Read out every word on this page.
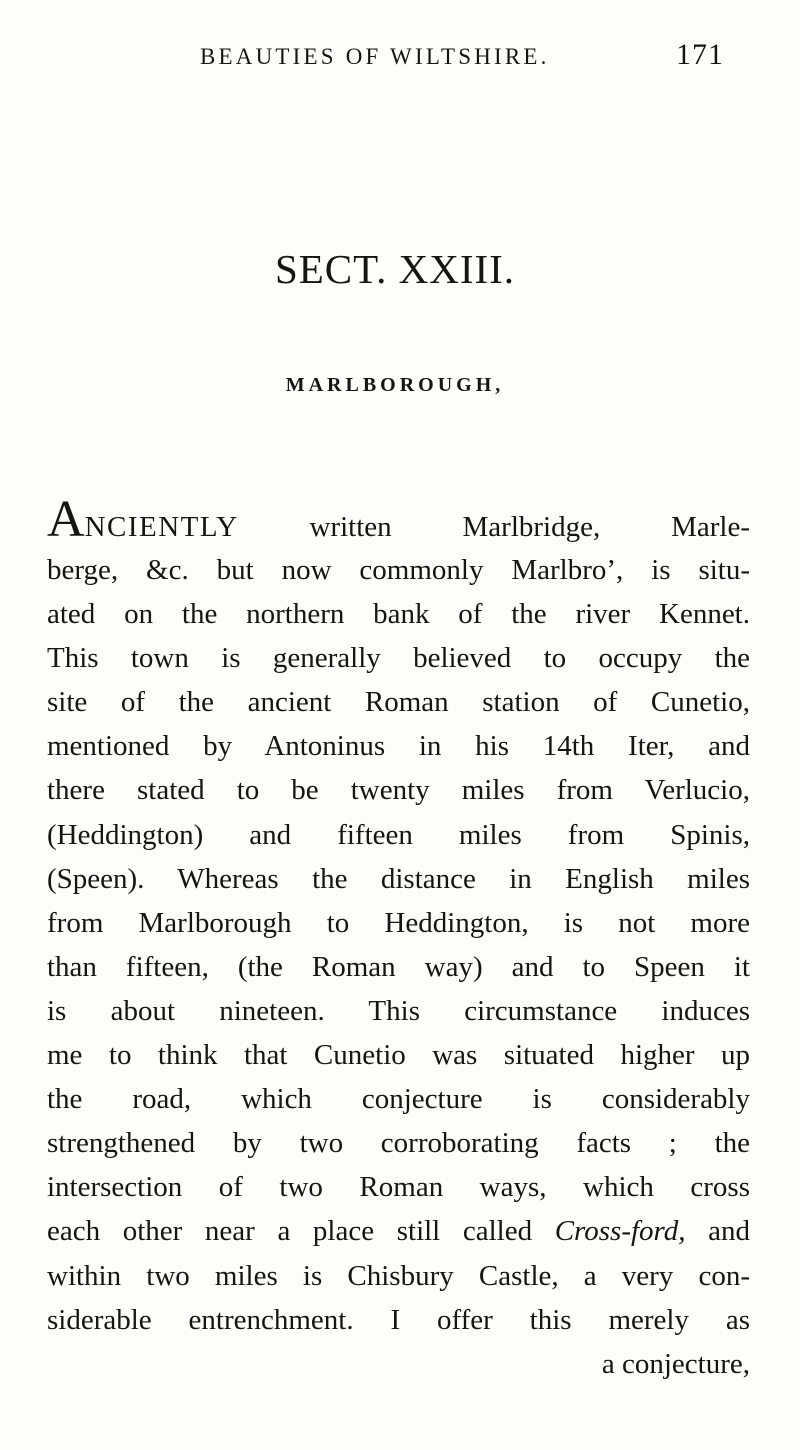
BEAUTIES OF WILTSHIRE.	171
SECT. XXIII.
MARLBOROUGH,
ANCIENTLY written Marlbridge, Marle-
berge, &c. but now commonly Marlbro’, is situ-
ated on the northern bank of the river Kennet.
This town is generally believed to occupy the
site of the ancient Roman station of Cunetio,
mentioned by Antoninus in his 14th Iter, and
there stated to be twenty miles from Verlucio,
(Heddington) and fifteen miles from Spinis,
(Speen). Whereas the distance in English miles
from Marlborough to Heddington, is not more
than fifteen, (the Roman way) and to Speen it
is about nineteen. This circumstance induces
me to think that Cunetio was situated higher up
the road, which conjecture is considerably
strengthened by two corroborating facts ; the
intersection of two Roman ways, which cross
each other near a place still called Cross-ford, and
within two miles is Chisbury Castle, a very con-
siderable entrenchment. I offer this merely as
a conjecture,
